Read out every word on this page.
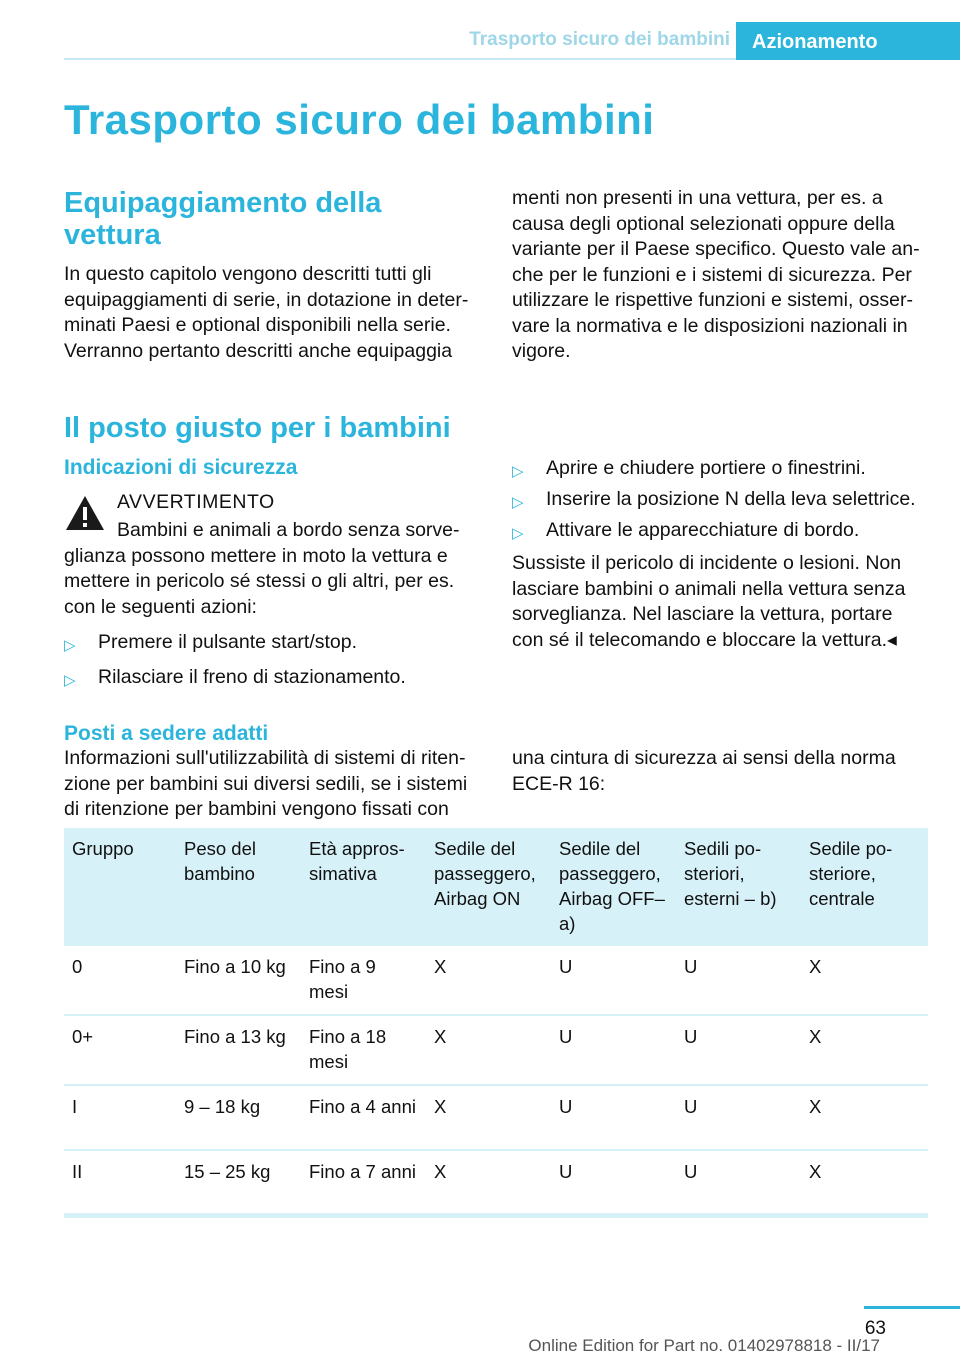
Trasporto sicuro dei bambini	Azionamento
Trasporto sicuro dei bambini
Equipaggiamento della vettura

In questo capitolo vengono descritti tutti gli equipaggiamenti di serie, in dotazione in determinati Paesi e optional disponibili nella serie. Verranno pertanto descritti anche equipaggia

menti non presenti in una vettura, per es. a causa degli optional selezionati oppure della variante per il Paese specifico. Questo vale anche per le funzioni e i sistemi di sicurezza. Per utilizzare le rispettive funzioni e sistemi, osservare la normativa e le disposizioni nazionali in vigore.

Il posto giusto per i bambini
Indicazioni di sicurezza
AVVERTIMENTO

Bambini e animali a bordo senza sorveglianza possono mettere in moto la vettura e mettere in pericolo sé stessi o gli altri, per es. con le seguenti azioni:

▷ Premere il pulsante start/stop.
▷ Rilasciare il freno di stazionamento.
▷ Aprire e chiudere portiere o finestrini.
▷ Inserire la posizione N della leva selettrice.
▷ Attivare le apparecchiature di bordo.

Sussiste il pericolo di incidente o lesioni. Non lasciare bambini o animali nella vettura senza sorveglianza. Nel lasciare la vettura, portare con sé il telecomando e bloccare la vettura.◂

Posti a sedere adatti

Informazioni sull'utilizzabilità di sistemi di ritenzione per bambini sui diversi sedili, se i sistemi di ritenzione per bambini vengono fissati con

una cintura di sicurezza ai sensi della norma ECE-R 16:

Gruppo	Peso del bambino	Età approssimativa	Sedile del passeggero, Airbag ON	Sedile del passeggero, Airbag OFF– a)	Sedili posteriori, esterni – b)	Sedile posteriore, centrale
0	Fino a 10 kg	Fino a 9 mesi	X	U	U	X
0+	Fino a 13 kg	Fino a 18 mesi	X	U	U	X
I	9 – 18 kg	Fino a 4 anni	X	U	U	X
II	15 – 25 kg	Fino a 7 anni	X	U	U	X
63
Online Edition for Part no. 01402978818 - II/17
